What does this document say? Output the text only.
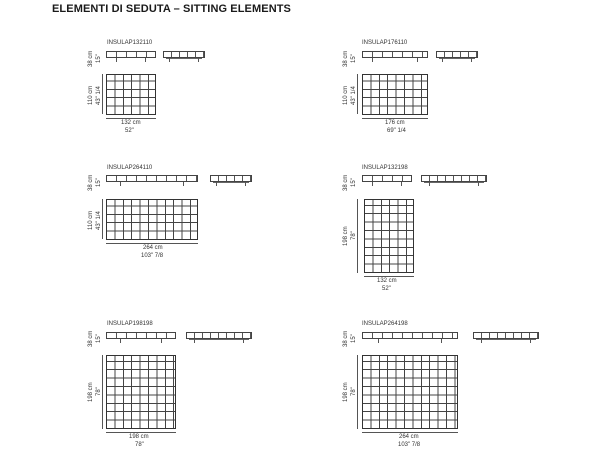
ELEMENTI DI SEDUTA – SITTING ELEMENTS
INSULAP132110
38 cm 15"
110 cm 43" 1/4
132 cm
52"
INSULAP176110
38 cm 15"
110 cm 43" 1/4
176 cm
69" 1/4
INSULAP264110
38 cm 15"
110 cm 43" 1/4
264 cm
103" 7/8
INSULAP132198
38 cm 15"
198 cm 78"
132 cm
52"
INSULAP198198
38 cm 15"
198 cm 78"
198 cm
78"
INSULAP264198
38 cm 15"
198 cm 78"
264 cm
103" 7/8
